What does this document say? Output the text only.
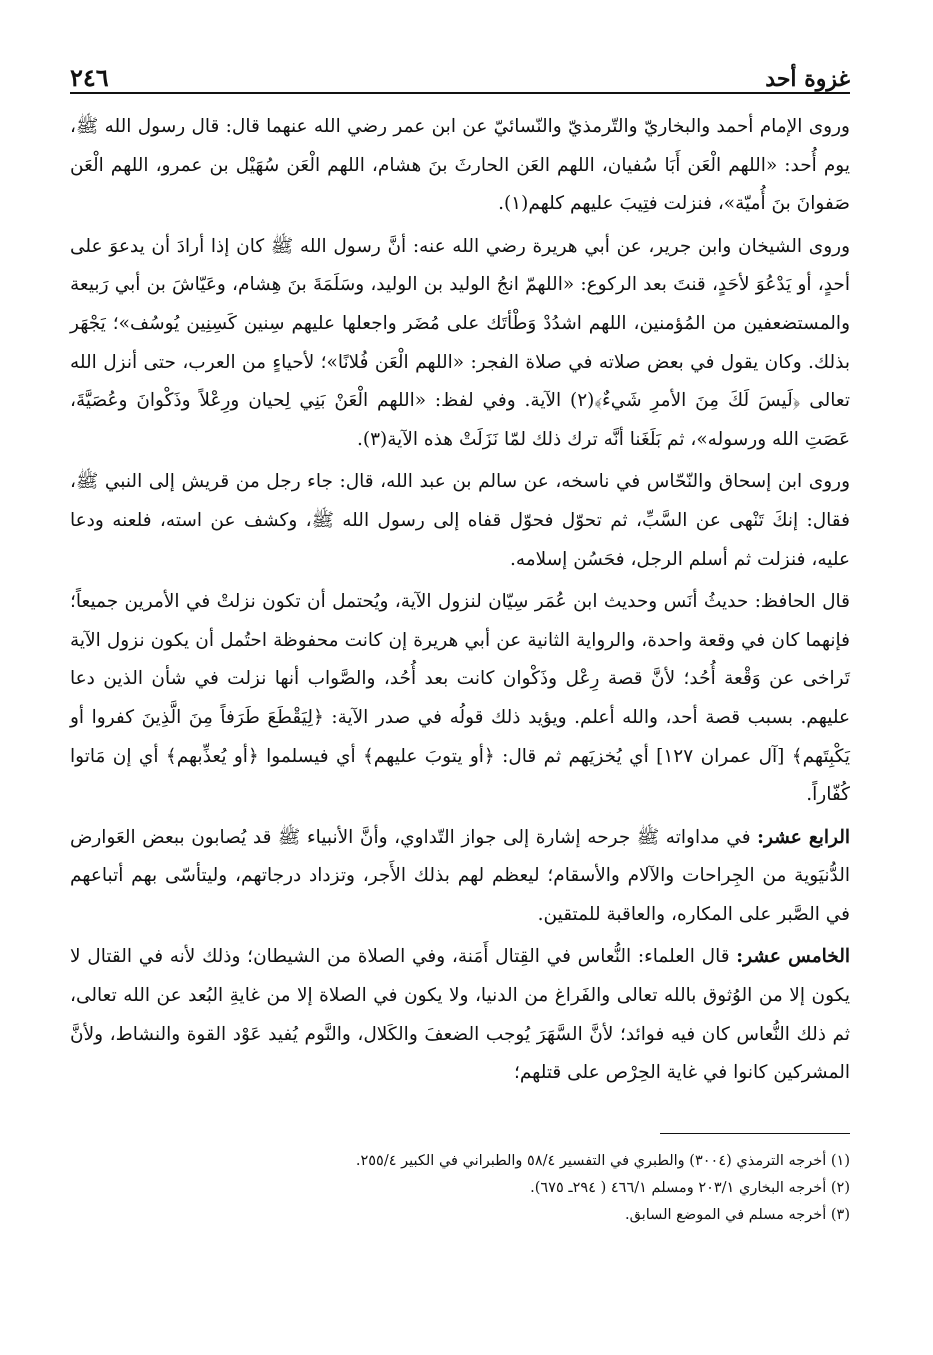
غزوة أحد
٢٤٦

وروى الإمام أحمد والبخاريّ والتّرمذيّ والنّسائيّ عن ابن عمر رضي الله عنهما قال: قال رسول الله ﷺ، يوم أُحد: «اللهم الْعَن أَبَا سُفيان، اللهم العَن الحارثَ بنَ هشام، اللهم الْعَن سُهَيْل بن عمرو، اللهم الْعَن صَفوانَ بنَ أُميّة»، فنزلت فتِيبَ عليهم كلهم(١).

وروى الشيخان وابن جرير، عن أبي هريرة رضي الله عنه: أنَّ رسول الله ﷺ كان إذا أرادَ أن يدعوَ على أحدٍ، أو يَدْعُوَ لأحَدٍ، قنتَ بعد الركوع: «اللهمّ انجُ الوليد بن الوليد، وسَلَمَةَ بنَ هِشام، وعَيّاشَ بن أبي رَبيعة والمستضعفين من المُؤمنين، اللهم اشدُدْ وَطْأتَك على مُضَر واجعلها عليهم سِنين كَسِنِين يُوسُف»؛ يَجْهَر بذلك. وكان يقول في بعض صلاته في صلاة الفجر: «اللهم الْعَن فُلانًا»؛ لأحياءٍ من العرب، حتى أنزل الله تعالى ﴿لَيسَ لَكَ مِنَ الأمرِ شَيءٌ﴾(٢) الآية. وفي لفظ: «اللهم الْعَنْ بَنِي لِحيان ورِعْلاً وذَكْوانَ وعُصَيَّةَ، عَصَتِ الله ورسوله»، ثم بَلَغَنا أنَّه ترك ذلك لمّا نَزَلَتْ هذه الآية(٣).

وروى ابن إسحاق والنّحّاس في ناسخه، عن سالم بن عبد الله، قال: جاء رجل من قريش إلى النبي ﷺ، فقال: إنكَ تَنْهى عن السَّبِّ، ثم تحوّل فحوّل قفاه إلى رسول الله ﷺ، وكشف عن استه، فلعنه ودعا عليه، فنزلت ثم أسلم الرجل، فحَسُن إسلامه.

قال الحافظ: حديثُ أنَس وحديث ابن عُمَر سِيّان لنزول الآية، ويُحتمل أن تكون نزلتْ في الأمرين جميعاً؛ فإنهما كان في وقعة واحدة، والرواية الثانية عن أبي هريرة إن كانت محفوظة احتُمل أن يكون نزول الآية تَراخى عن وَقْعة أُحُد؛ لأنَّ قصة رِعْل وذَكْوان كانت بعد أُحُد، والصَّواب أنها نزلت في شأن الذين دعا عليهم. بسبب قصة أحد، والله أعلم. ويؤيد ذلك قولُه في صدر الآية: ﴿لِيَقْطَعَ طَرَفاً مِنَ الَّذِينَ كفروا أو يَكْبِتَهم﴾ [آل عمران ١٢٧] أي يُخزيَهم ثم قال: ﴿أو يتوبَ عليهم﴾ أي فيسلموا ﴿أو يُعذِّبهم﴾ أي إن مَاتوا كُفّاراً.

الرابع عشر: في مداواته ﷺ جرحه إشارة إلى جواز التّداوي، وأنَّ الأنبياء ﷺ قد يُصابون ببعض العَوارض الدُّنيَوية من الجِراحات والآلام والأسقام؛ ليعظم لهم بذلك الأَجر، وتزداد درجاتهم، وليتأسّى بهم أتباعهم في الصَّبر على المكاره، والعاقبة للمتقين.

الخامس عشر: قال العلماء: النُّعاس في القِتال أَمَنة، وفي الصلاة من الشيطان؛ وذلك لأنه في القتال لا يكون إلا من الوُثوق بالله تعالى والفَراغ من الدنيا، ولا يكون في الصلاة إلا من غايةِ البُعد عن الله تعالى، ثم ذلك النُّعاس كان فيه فوائد؛ لأنَّ السَّهَرَ يُوجب الضعفَ والكَلال، والنَّوم يُفيد عَوْد القوة والنشاط، ولأنَّ المشركين كانوا في غاية الحِرْص على قتلهم؛

(١) أخرجه الترمذي (٣٠٠٤) والطبري في التفسير ٥٨/٤ والطبراني في الكبير ٢٥٥/٤.

(٢) أخرجه البخاري ٢٠٣/١ ومسلم ٤٦٦/١ ( ٢٩٤ـ ٦٧٥).

(٣) أخرجه مسلم في الموضع السابق.
